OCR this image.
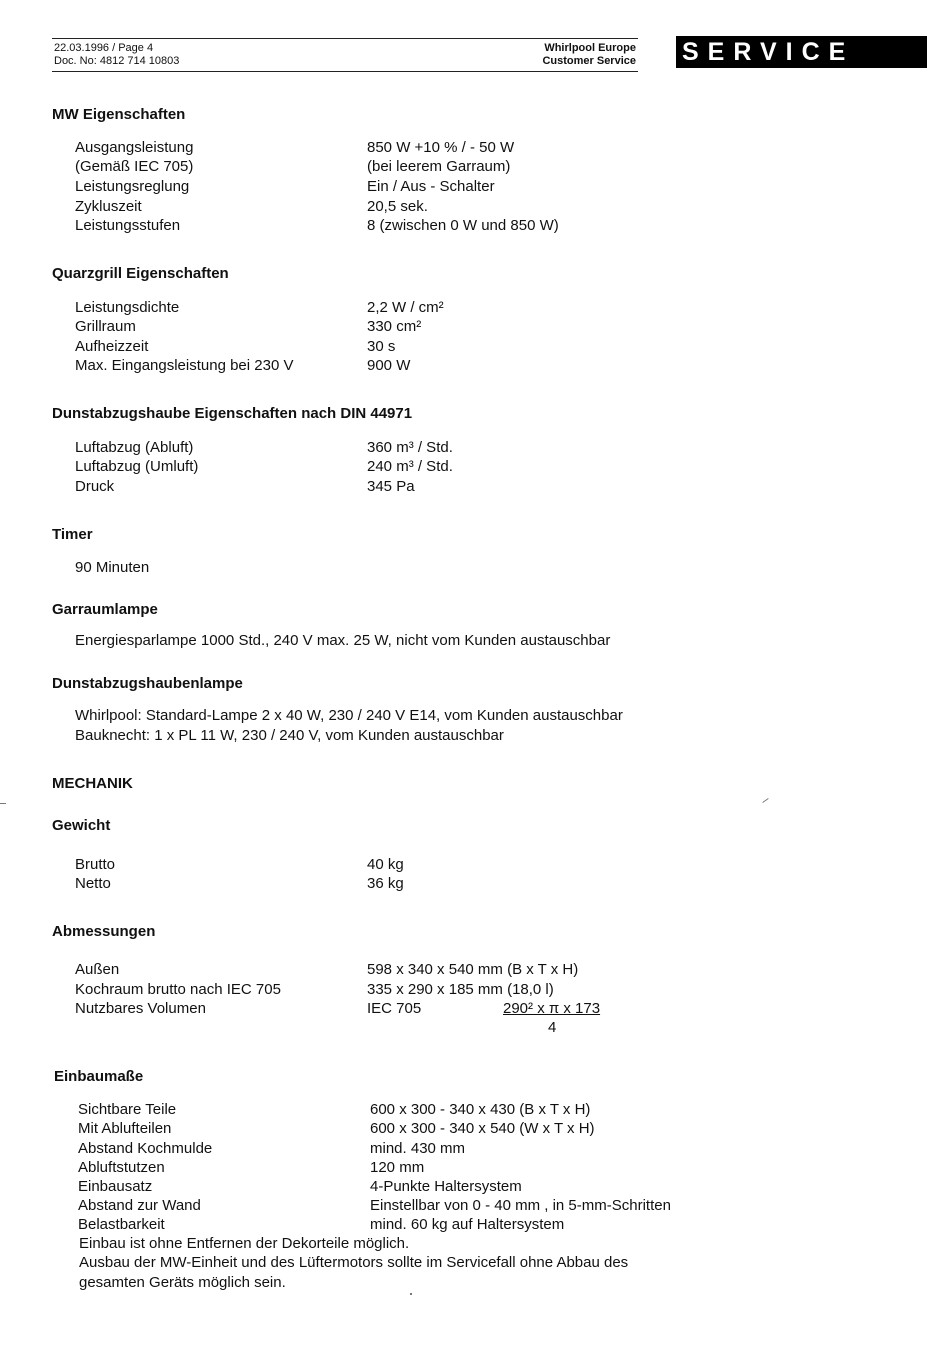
22.03.1996 / Page 4
Doc. No: 4812 714 10803
Whirlpool Europe
Customer Service SERVICE
MW Eigenschaften
Ausgangsleistung	850 W +10 % / - 50 W
(Gemäß IEC 705)	(bei leerem Garraum)
Leistungsreglung	Ein / Aus - Schalter
Zykluszeit	20,5 sek.
Leistungsstufen	8 (zwischen 0 W und 850 W)
Quarzgrill Eigenschaften
Leistungsdichte	2,2 W / cm²
Grillraum	330 cm²
Aufheizzeit	30 s
Max. Eingangsleistung bei 230 V	900 W
Dunstabzugshaube Eigenschaften nach DIN 44971
Luftabzug (Abluft)	360 m³ / Std.
Luftabzug (Umluft)	240 m³ / Std.
Druck	345 Pa
Timer
90 Minuten
Garraumlampe
Energiesparlampe 1000 Std., 240 V max. 25 W, nicht vom Kunden austauschbar
Dunstabzugshaubenlampe
Whirlpool: Standard-Lampe 2 x 40 W, 230 / 240 V E14, vom Kunden austauschbar
Bauknecht: 1 x PL 11 W, 230 / 240 V, vom Kunden austauschbar
MECHANIK
Gewicht
Brutto	40 kg
Netto	36 kg
Abmessungen
Außen	598 x 340 x 540 mm (B x T x H)
Kochraum brutto nach IEC 705	335 x 290 x 185 mm (18,0 l)
Nutzbares Volumen	IEC 705	290² x π x 173
4
Einbaumaße
Sichtbare Teile	600 x 300 - 340 x 430 (B x T x H)
Mit Ablufteilen	600 x 300 - 340 x 540 (W x T x H)
Abstand Kochmulde	mind. 430 mm
Abluftstutzen	120 mm
Einbausatz	4-Punkte Haltersystem
Abstand zur Wand	Einstellbar von 0 - 40 mm , in 5-mm-Schritten
Belastbarkeit	mind. 60 kg auf Haltersystem
Einbau ist ohne Entfernen der Dekorteile möglich.
Ausbau der MW-Einheit und des Lüftermotors sollte im Servicefall ohne Abbau des
gesamten Geräts möglich sein.
